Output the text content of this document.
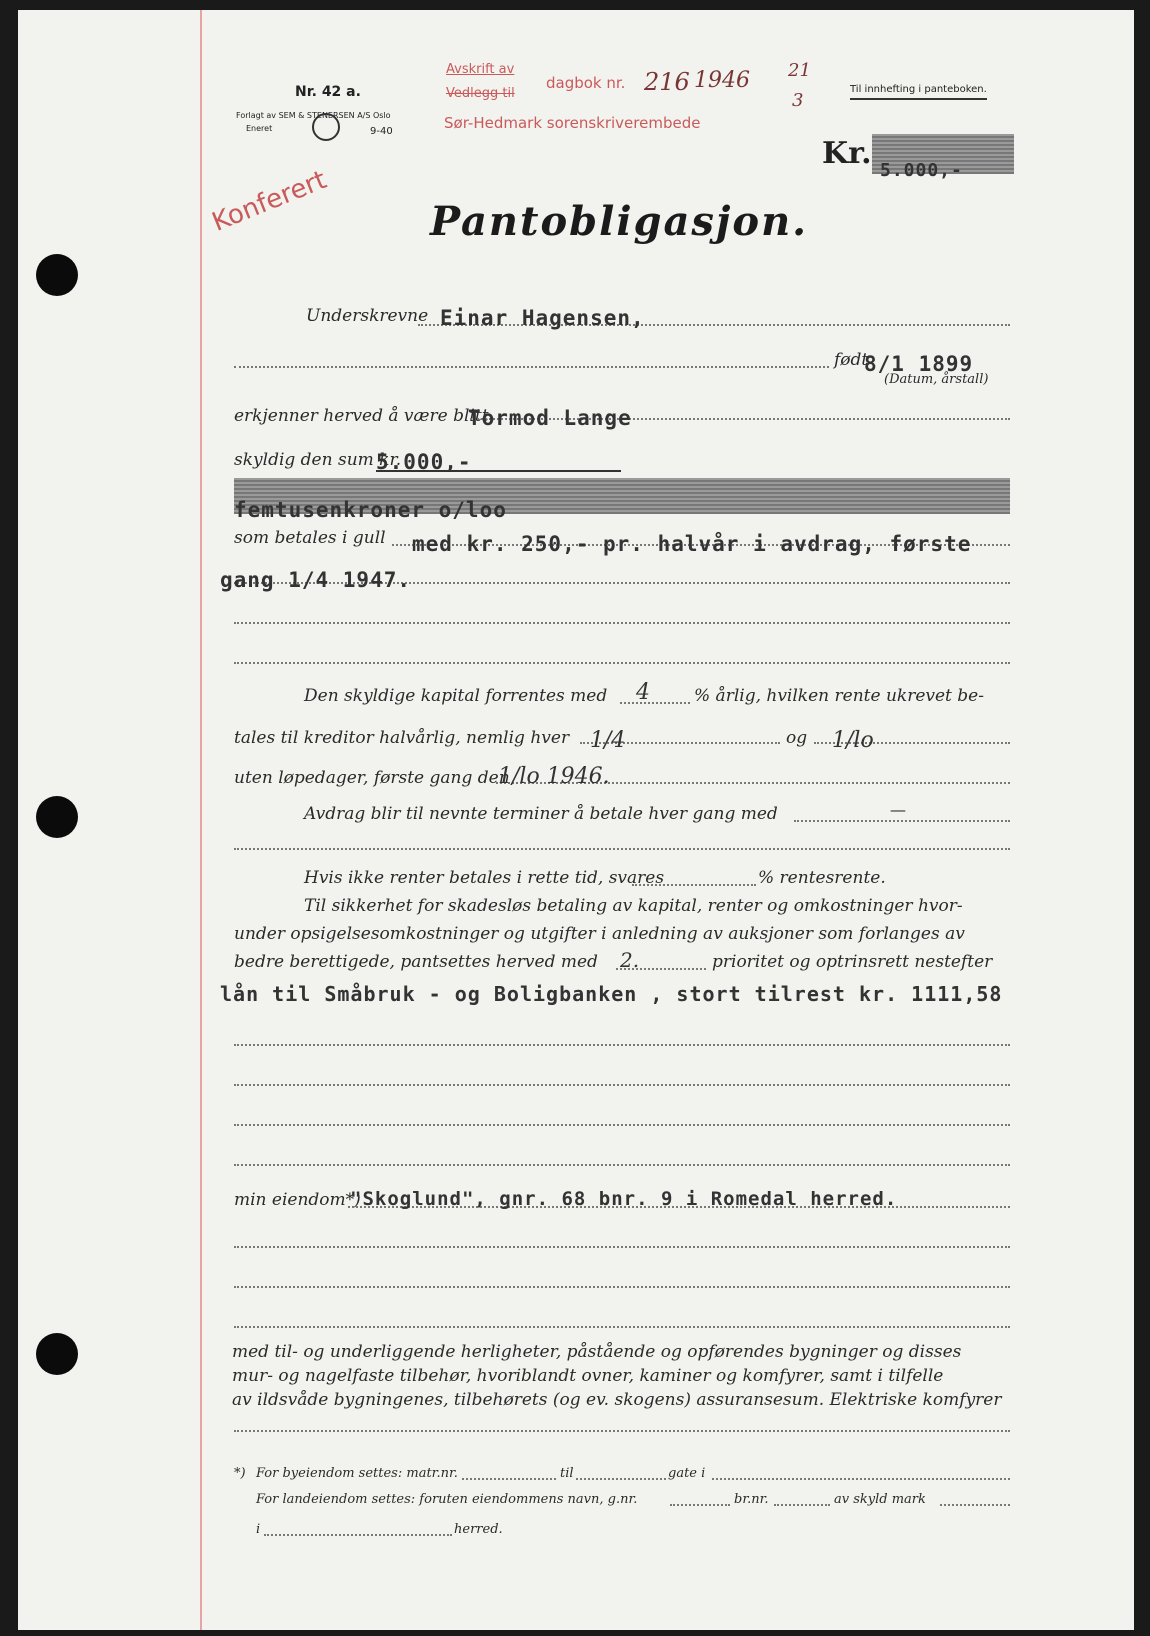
Nr. 42 a.
Forlagt av SEM & STENERSEN A/S Oslo
Eneret	9-40
Avskrift av
Vedlegg til
dagbok nr. 216 1946 21
3
Sør-Hedmark sorenskriverembede
Til innhefting i panteboken.
Konferert
Kr. 5.000,-
Pantobligasjon.
Underskrevne Einar Hagensen,
født
8/1 1899
(Datum, årstall)
erkjenner herved å være blitt
Tormod Lange
skyldig den sum kr.
5.000,-
femtusenkroner o/loo
som betales i gull med kr. 250,- pr. halvår i avdrag, første
gang 1/4 1947.
Den skyldige kapital forrentes med 4	% årlig, hvilken rente ukrevet be-
tales til kreditor halvårlig, nemlig hver 1/4	og 1/lo
uten løpedager, første gang den
1/lo 1946.
Avdrag blir til nevnte terminer å betale hver gang med	—
Hvis ikke renter betales i rette tid, svares	% rentesrente.
Til sikkerhet for skadesløs betaling av kapital, renter og omkostninger hvor-
under opsigelsesomkostninger og utgifter i anledning av auksjoner som forlanges av
bedre berettigede, pantsettes herved med 2.	prioritet og optrinsrett nestefter
lån til Småbruk - og Boligbanken , stort tilrest kr. 1111,58
min eiendom*)
"Skoglund", gnr. 68 bnr. 9 i Romedal herred.
med til- og underliggende herligheter, påstående og opførendes bygninger og disses
mur- og nagelfaste tilbehør, hvoriblandt ovner, kaminer og komfyrer, samt i tilfelle
av ildsvåde bygningenes, tilbehørets (og ev. skogens) assuransesum. Elektriske komfyrer
*) For byeiendom settes: matr.nr.	til	gate i
For landeiendom settes: foruten eiendommens navn, g.nr.	br.nr.	av skyld mark
i	herred.
